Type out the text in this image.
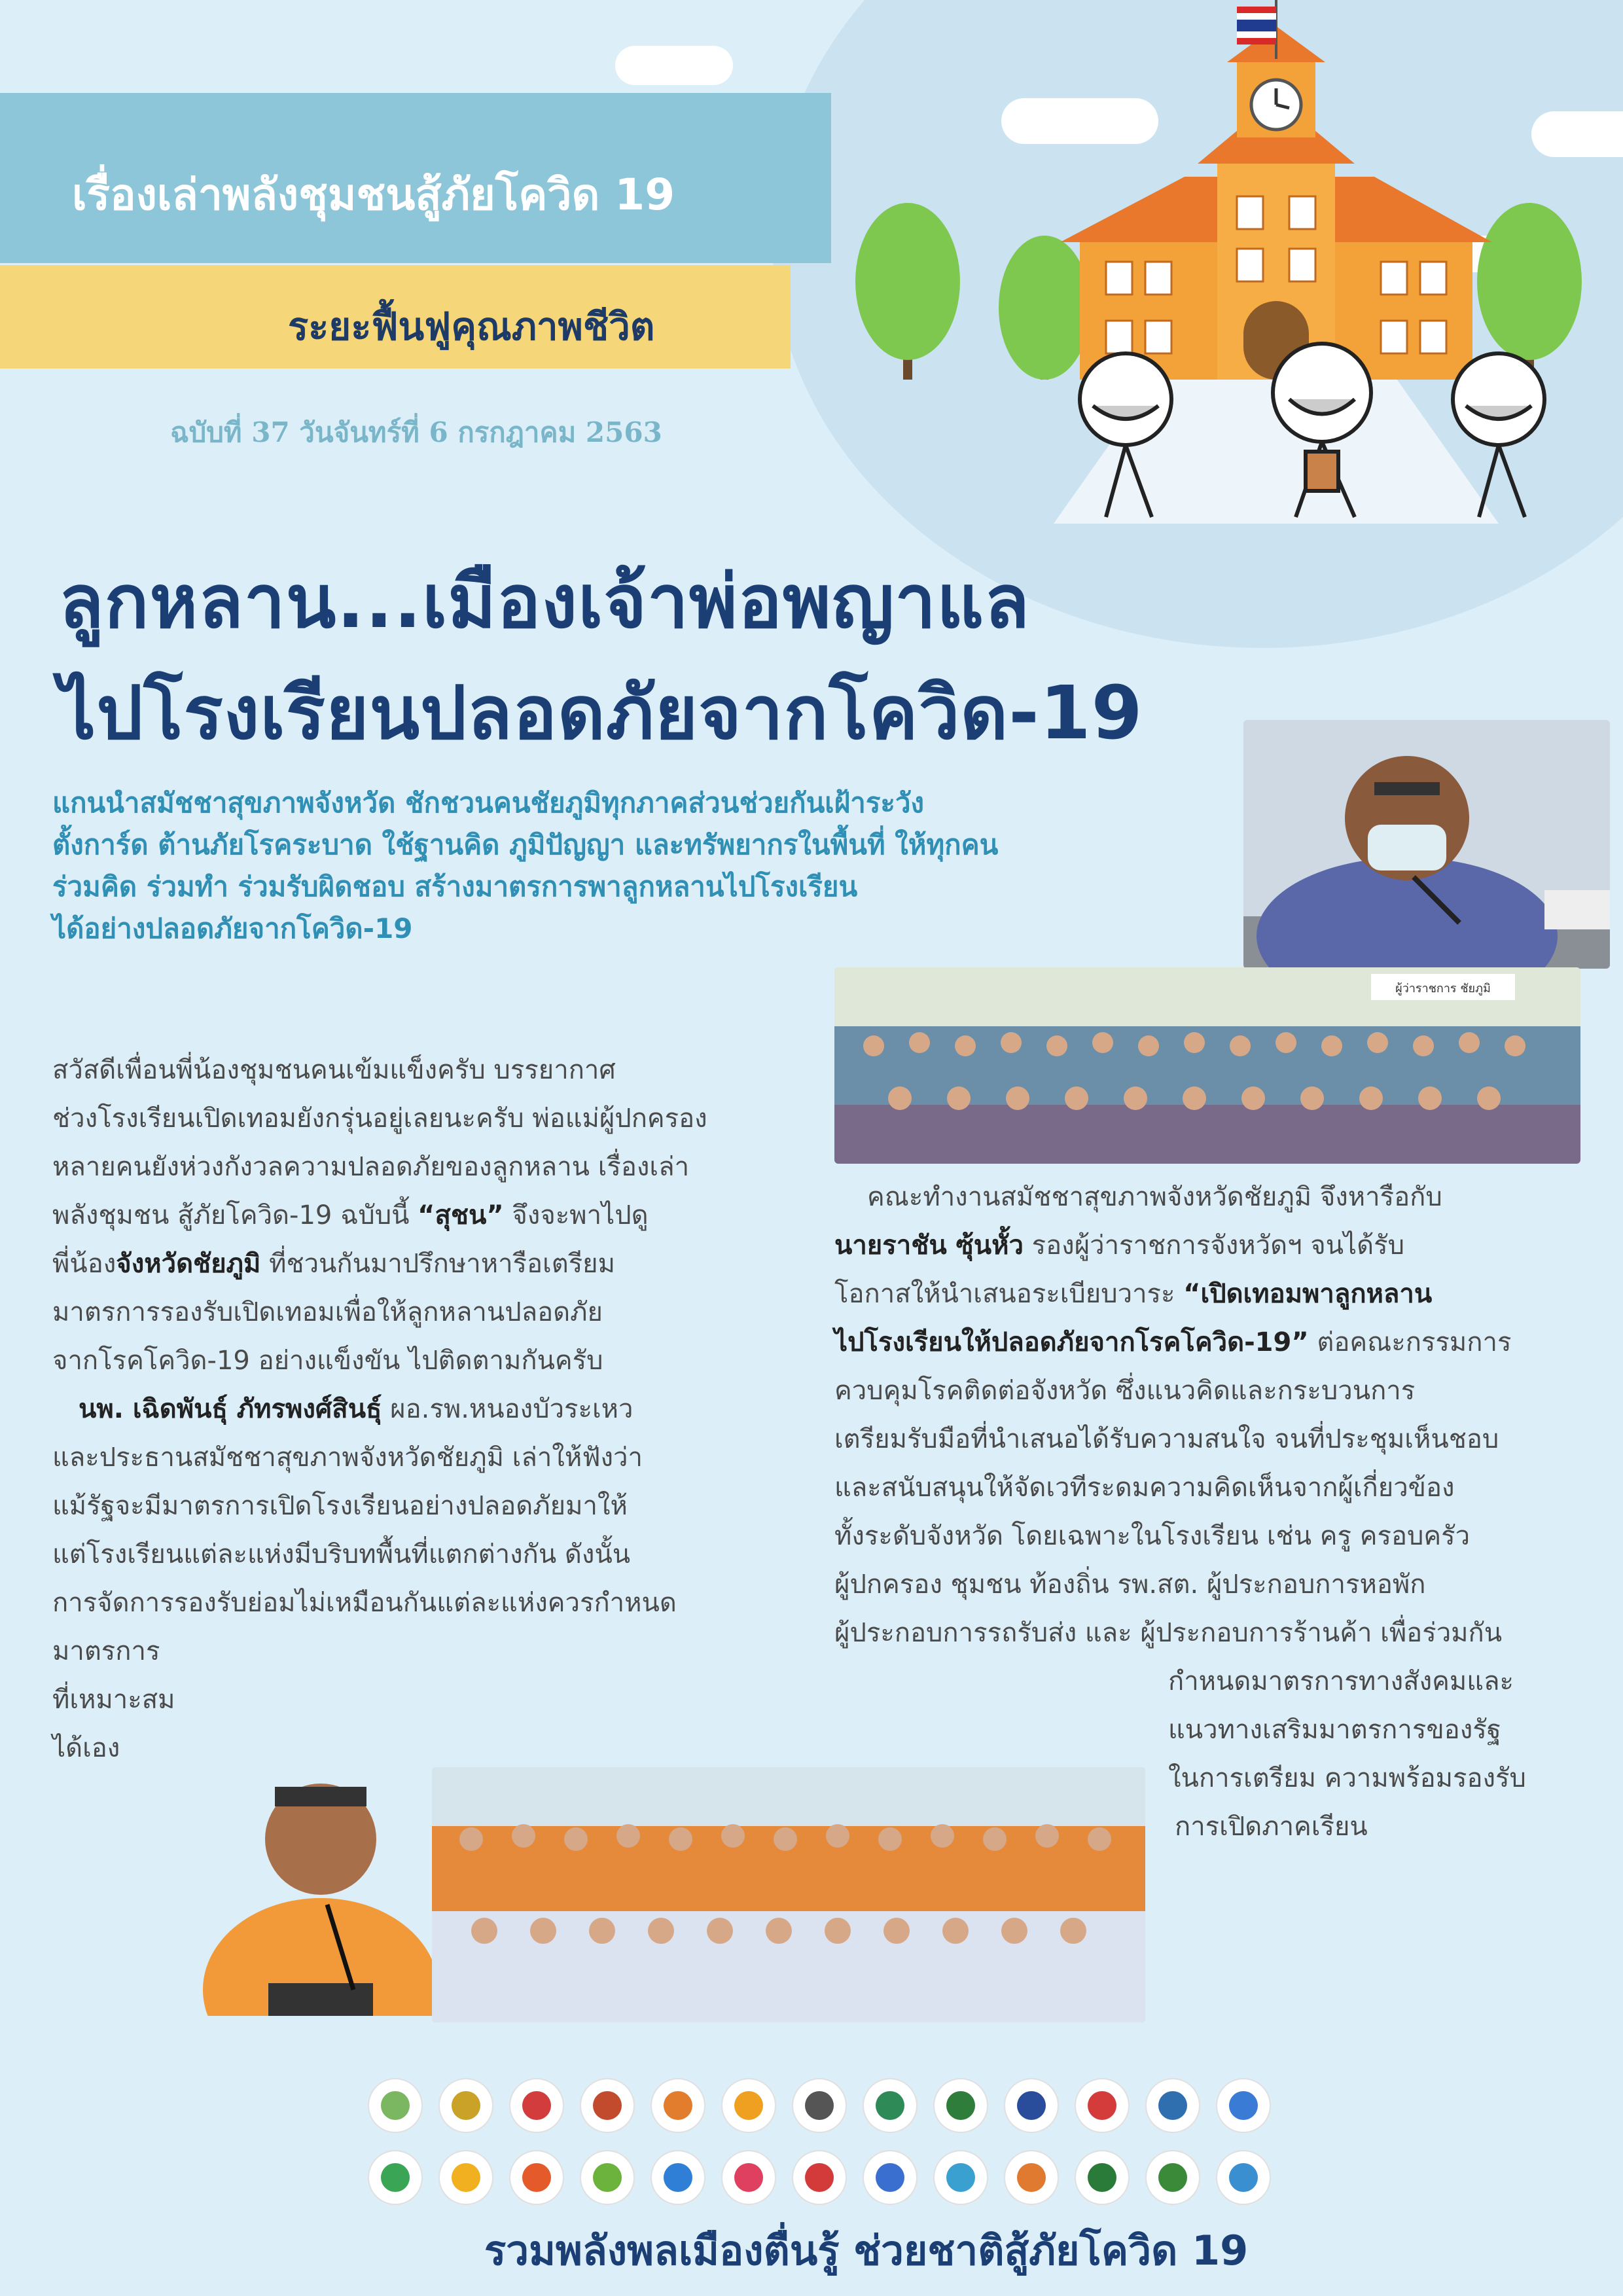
เรื่องเล่าพลังชุมชนสู้ภัยโควิด 19
ระยะฟื้นฟูคุณภาพชีวิต
ฉบับที่ 37 วันจันทร์ที่ 6 กรกฎาคม 2563
ลูกหลาน...เมืองเจ้าพ่อพญาแล
ไปโรงเรียนปลอดภัยจากโควิด-19

แกนนำสมัชชาสุขภาพจังหวัด ชักชวนคนชัยภูมิทุกภาคส่วนช่วยกันเฝ้าระวัง

ตั้งการ์ด ต้านภัยโรคระบาด ใช้ฐานคิด ภูมิปัญญา และทรัพยากรในพื้นที่ ให้ทุกคน

ร่วมคิด ร่วมทำ ร่วมรับผิดชอบ สร้างมาตรการพาลูกหลานไปโรงเรียน

ได้อย่างปลอดภัยจากโควิด-19

ผู้ว่าราชการ ชัยภูมิ

สวัสดีเพื่อนพี่น้องชุมชนคนเข้มแข็งครับ บรรยากาศ

ช่วงโรงเรียนเปิดเทอมยังกรุ่นอยู่เลยนะครับ พ่อแม่ผู้ปกครอง

หลายคนยังห่วงกังวลความปลอดภัยของลูกหลาน เรื่องเล่า

พลังชุมชน สู้ภัยโควิด-19 ฉบับนี้ “สุชน” จึงจะพาไปดู

พี่น้องจังหวัดชัยภูมิ ที่ชวนกันมาปรึกษาหารือเตรียม

มาตรการรองรับเปิดเทอมเพื่อให้ลูกหลานปลอดภัย

จากโรคโควิด-19 อย่างแข็งขัน ไปติดตามกันครับ

นพ. เฉิดพันธุ์ ภัทรพงศ์สินธุ์ ผอ.รพ.หนองบัวระเหว

และประธานสมัชชาสุขภาพจังหวัดชัยภูมิ เล่าให้ฟังว่า

แม้รัฐจะมีมาตรการเปิดโรงเรียนอย่างปลอดภัยมาให้

แต่โรงเรียนแต่ละแห่งมีบริบทพื้นที่แตกต่างกัน ดังนั้น

การจัดการรองรับย่อมไม่เหมือนกันแต่ละแห่งควรกำหนด

มาตรการ

ที่เหมาะสม

ได้เอง

คณะทำงานสมัชชาสุขภาพจังหวัดชัยภูมิ จึงหารือกับ

นายราชัน ซุ้นหั้ว รองผู้ว่าราชการจังหวัดฯ จนได้รับ

โอกาสให้นำเสนอระเบียบวาระ “เปิดเทอมพาลูกหลาน

ไปโรงเรียนให้ปลอดภัยจากโรคโควิด-19” ต่อคณะกรรมการ

ควบคุมโรคติดต่อจังหวัด ซึ่งแนวคิดและกระบวนการ

เตรียมรับมือที่นำเสนอได้รับความสนใจ จนที่ประชุมเห็นชอบ

และสนับสนุนให้จัดเวทีระดมความคิดเห็นจากผู้เกี่ยวข้อง

ทั้งระดับจังหวัด โดยเฉพาะในโรงเรียน เช่น ครู ครอบครัว

ผู้ปกครอง ชุมชน ท้องถิ่น รพ.สต. ผู้ประกอบการหอพัก

ผู้ประกอบการรถรับส่ง และ ผู้ประกอบการร้านค้า เพื่อร่วมกัน

กำหนดมาตรการทางสังคมและ

แนวทางเสริมมาตรการของรัฐ

ในการเตรียม ความพร้อมรองรับ

การเปิดภาคเรียน

รวมพลังพลเมืองตื่นรู้ ช่วยชาติสู้ภัยโควิด 19
